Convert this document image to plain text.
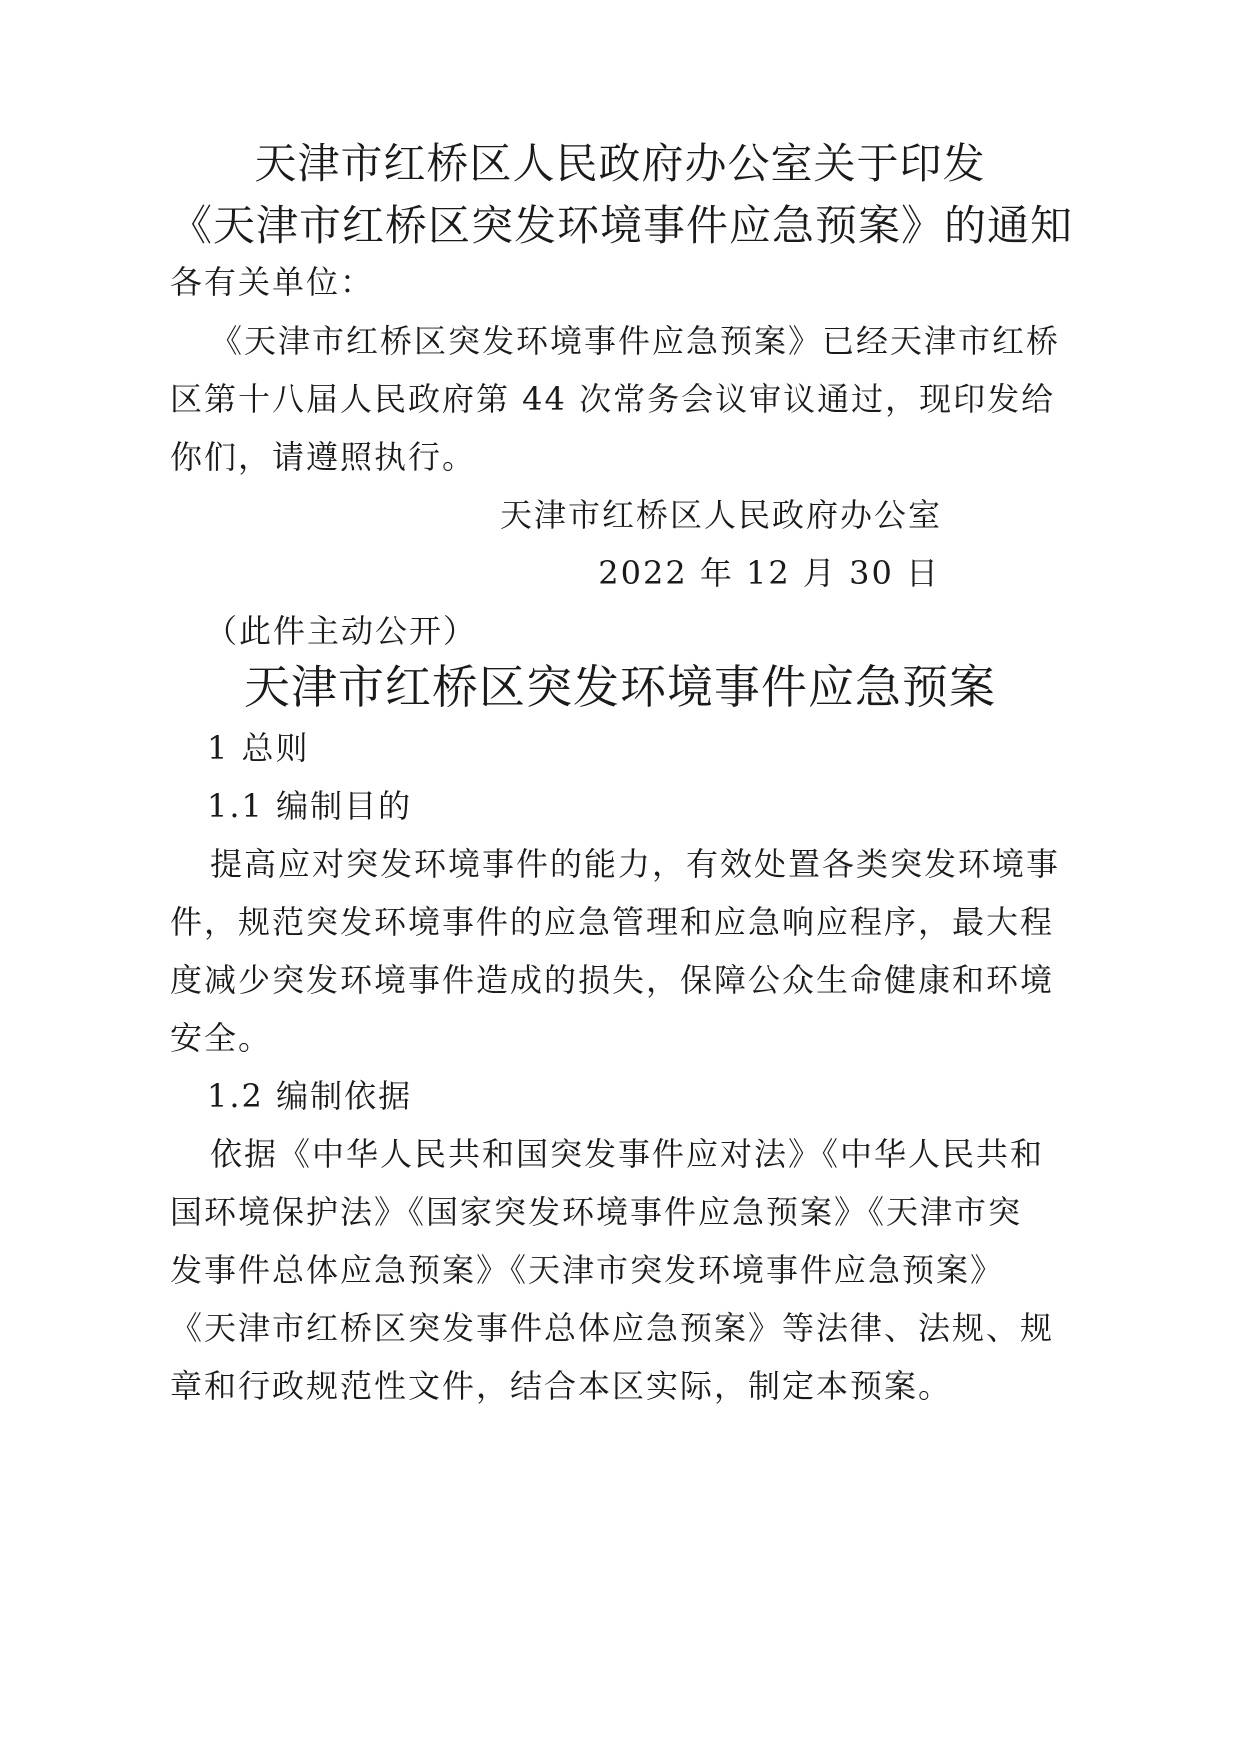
天津市红桥区人民政府办公室关于印发

《天津市红桥区突发环境事件应急预案》的通知

各有关单位：

《天津市红桥区突发环境事件应急预案》已经天津市红桥

区第十八届人民政府第 44 次常务会议审议通过，现印发给

你们，请遵照执行。

天津市红桥区人民政府办公室

2022 年 12 月 30 日

（此件主动公开）

天津市红桥区突发环境事件应急预案

1 总则

1.1 编制目的

提高应对突发环境事件的能力，有效处置各类突发环境事

件，规范突发环境事件的应急管理和应急响应程序，最大程

度减少突发环境事件造成的损失，保障公众生命健康和环境

安全。

1.2 编制依据

依据《中华人民共和国突发事件应对法》《中华人民共和

国环境保护法》《国家突发环境事件应急预案》《天津市突

发事件总体应急预案》《天津市突发环境事件应急预案》

《天津市红桥区突发事件总体应急预案》等法律、法规、规

章和行政规范性文件，结合本区实际，制定本预案。
